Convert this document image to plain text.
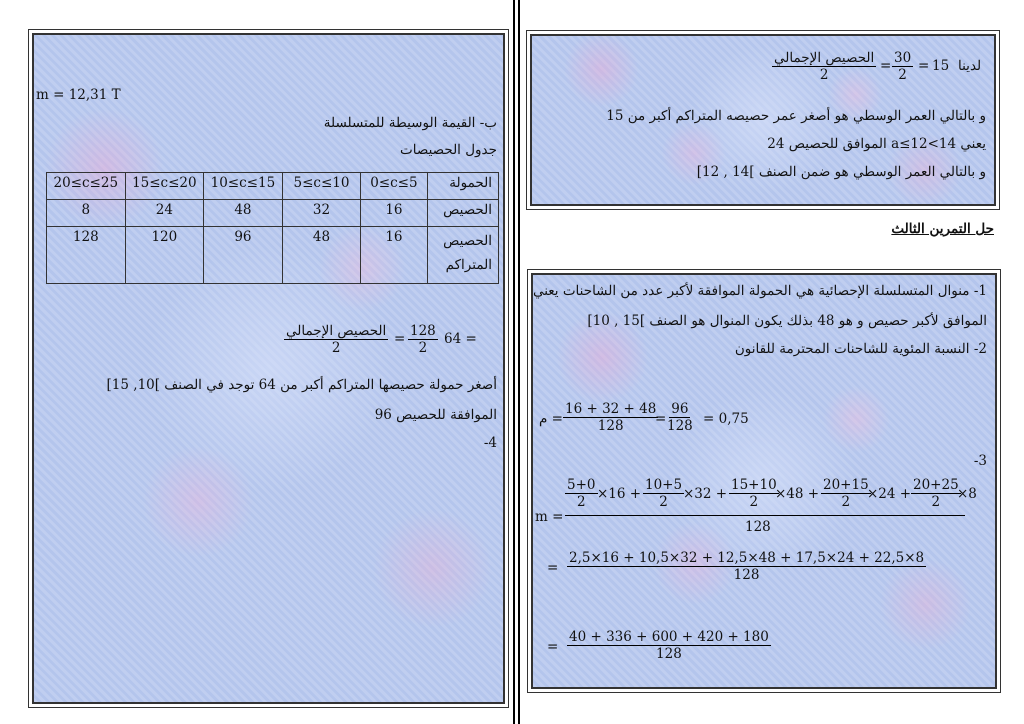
m = 12,31 T
ب- القيمة الوسيطة للمتسلسلة
جدول الحصيصات
20≤c≤25	15≤c≤20	10≤c≤15	5≤c≤10	0≤c≤5	الحمولة
8	24	48	32	16	الحصيص
128	120	96	48	16	الحصيص المتراكم
الحصيص الإجمالي
2
= $\frac{128}{2} 64$ =
أصغر حمولة حصيصها المتراكم أكبر من 64 توجد في الصنف ]10, 15]
الموافقة للحصيص 96
-4
الحصيص الإجمالي
2
= $\frac{30}{2} = 15$ لدينا
و بالتالي العمر الوسطي هو أصغر عمر حصيصه المتراكم أكبر من 15
يعني 14>a≤12 الموافق للحصيص 24
و بالتالي العمر الوسطي هو ضمن الصنف ]14 , 12]
حل التمرين الثالث
1- منوال المتسلسلة الإحصائية هي الحمولة الموافقة لأكبر عدد من الشاحنات يعني
الموافق لأكبر حصيص و هو 48 بذلك يكون المنوال هو الصنف ]15 , 10]
2- النسبة المئوية للشاحنات المحترمة للقانون
م = $\frac{16 + 32 + 48}{128}$
= $\frac{96}{128} = 0,75$
-3
m =
$\frac{5+0}{2} \times 16 + \frac{10+5}{2}$
$\times 32 + \frac{15+10}{2}$
$\times 48 + \frac{20+15}{2}$
$\times 24 + \frac{20+25}{2}$
×8
128
= $\frac{2,5\times 16 + 10,5\times 32 + 12,5\times 48 + 17,5\times 24 + 22,5\times 8}{128}$
= $\frac{40 + 336 + 600 + 420 + 180}{128}$
